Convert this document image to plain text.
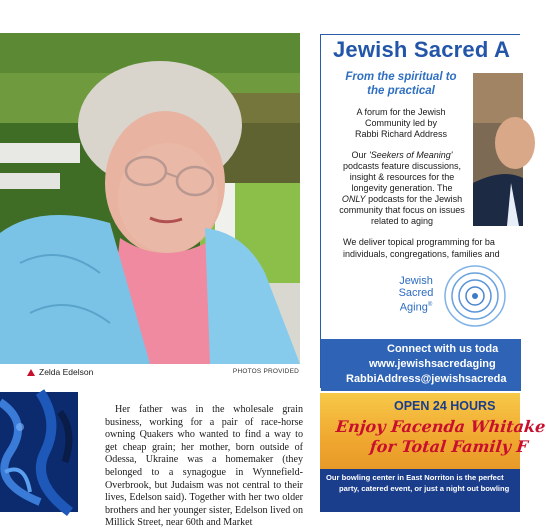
Zelda Edelson	PHOTOS PROVIDED
Her father was in the wholesale grain business, working for a pair of race-horse owning Quakers who wanted to find a way to get cheap grain; her mother, born outside of Odessa, Ukraine was a homemaker (they belonged to a synagogue in Wynnefield-Overbrook, but Judaism was not central to their lives, Edelson said). Together with her two older brothers and her younger sister, Edelson lived on Millick Street, near 60th and Market
Jewish Sacred A
From the spiritual to
the practical
A forum for the Jewish
Community led by
Rabbi Richard Address
Our 'Seekers of Meaning'
podcasts feature discussions,
insight & resources for the
longevity generation. The
ONLY podcasts for the Jewish
community that focus on issues
related to aging
We deliver topical programming for ba
individuals, congregations, families and
Jewish
Sacred
Aging®
Connect with us toda
www.jewishsacredaging
RabbiAddress@jewishsacreda
OPEN 24 HOURS
Enjoy Facenda Whitake
for Total Family F
Our bowling center in East Norriton is the perfect
party, catered event, or just a night out bowling
